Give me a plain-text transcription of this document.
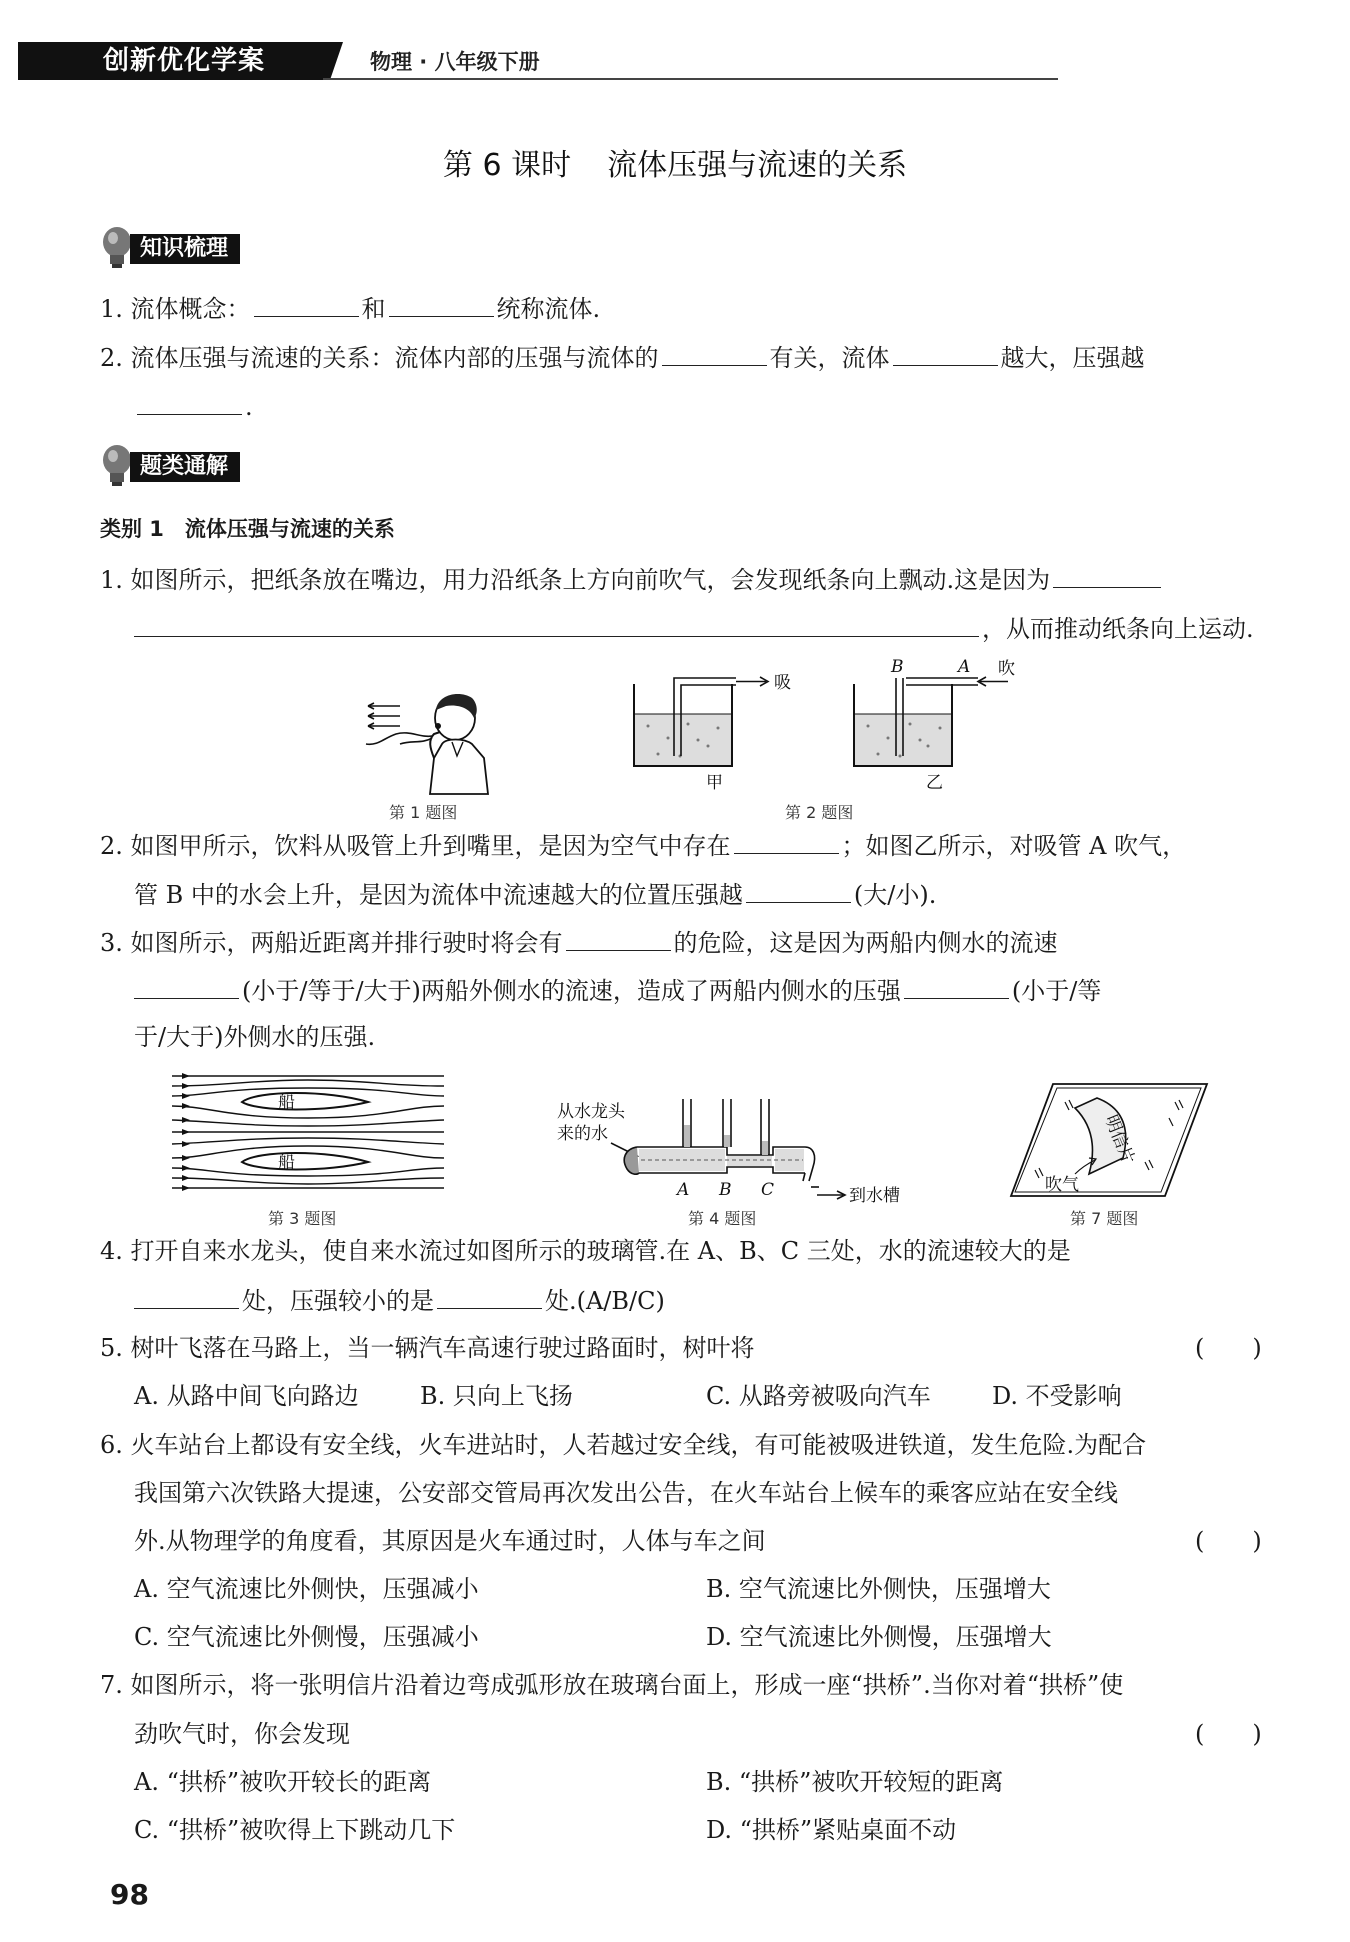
创新优化学案	物理 · 八年级下册
第 6 课时 流体压强与流速的关系
知识梳理
1. 流体概念：	和	统称流体.
2. 流体压强与流速的关系：流体内部的压强与流体的	有关，流体	越大，压强越
.
题类通解
类别 1　流体压强与流速的关系
1. 如图所示，把纸条放在嘴边，用力沿纸条上方向前吹气，会发现纸条向上飘动.这是因为
，从而推动纸条向上运动.
第 1 题图
吸
甲
B	A 吹
乙
第 2 题图
2. 如图甲所示，饮料从吸管上升到嘴里，是因为空气中存在	；如图乙所示，对吸管 A 吹气，
管 B 中的水会上升，是因为流体中流速越大的位置压强越	(大/小).
3. 如图所示，两船近距离并排行驶时将会有	的危险，这是因为两船内侧水的流速
(小于/等于/大于)两船外侧水的流速，造成了两船内侧水的压强	(小于/等
于/大于)外侧水的压强.
船
船
第 3 题图
从水龙头
来的水
A B C	到水槽
第 4 题图
明信片
吹气
第 7 题图
4. 打开自来水龙头，使自来水流过如图所示的玻璃管.在 A、B、C 三处，水的流速较大的是
处，压强较小的是	处.(A/B/C)
5. 树叶飞落在马路上，当一辆汽车高速行驶过路面时，树叶将	(　　)
A. 从路中间飞向路边	B. 只向上飞扬	C. 从路旁被吸向汽车	D. 不受影响
6. 火车站台上都设有安全线，火车进站时，人若越过安全线，有可能被吸进铁道，发生危险.为配合
我国第六次铁路大提速，公安部交管局再次发出公告，在火车站台上候车的乘客应站在安全线
外.从物理学的角度看，其原因是火车通过时，人体与车之间	(　　)
A. 空气流速比外侧快，压强减小	B. 空气流速比外侧快，压强增大
C. 空气流速比外侧慢，压强减小	D. 空气流速比外侧慢，压强增大
7. 如图所示，将一张明信片沿着边弯成弧形放在玻璃台面上，形成一座“拱桥”.当你对着“拱桥”使
劲吹气时，你会发现	(　　)
A. “拱桥”被吹开较长的距离	B. “拱桥”被吹开较短的距离
C. “拱桥”被吹得上下跳动几下	D. “拱桥”紧贴桌面不动
98
